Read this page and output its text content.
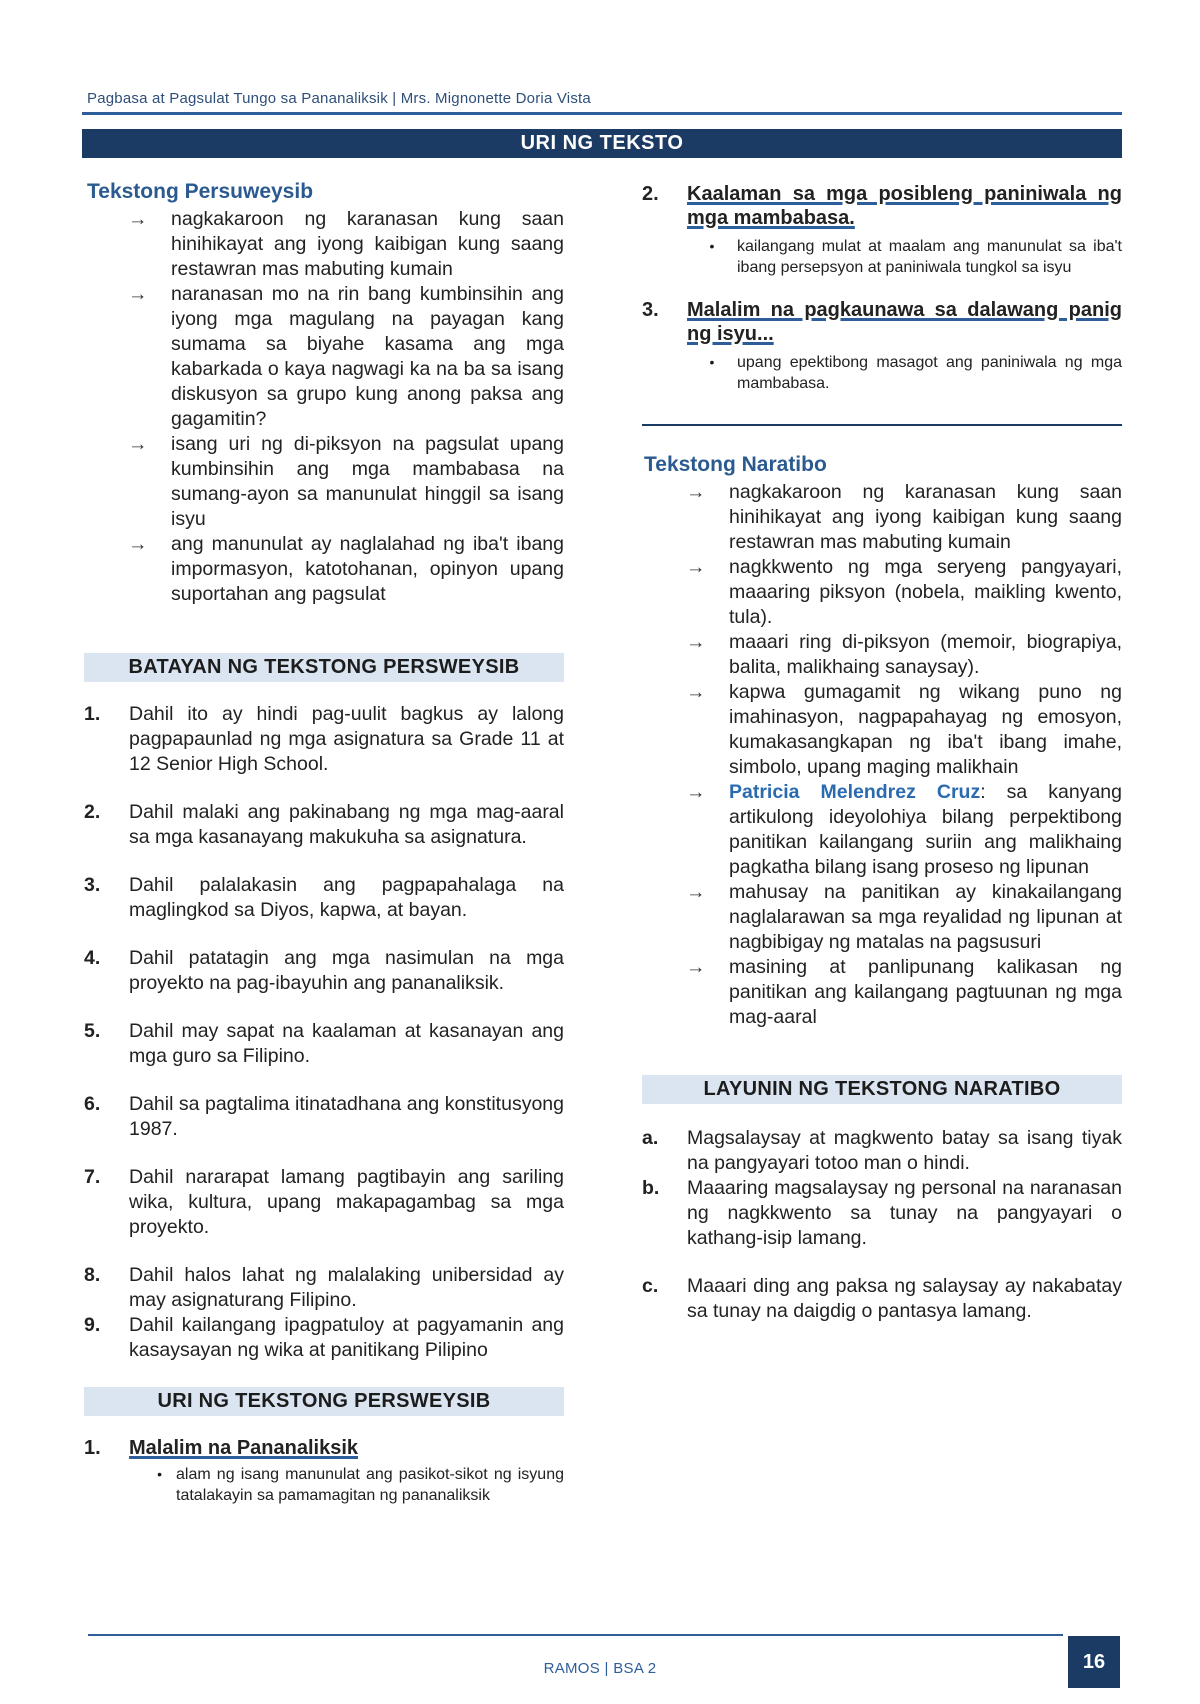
Pagbasa at Pagsulat Tungo sa Pananaliksik | Mrs. Mignonette Doria Vista
URI NG TEKSTO
Tekstong Persuweysib
→	nagkakaroon ng karanasan kung saan hinihikayat ang iyong kaibigan kung saang restawran mas mabuting kumain
→	naranasan mo na rin bang kumbinsihin ang iyong mga magulang na payagan kang sumama sa biyahe kasama ang mga kabarkada o kaya nagwagi ka na ba sa isang diskusyon sa grupo kung anong paksa ang gagamitin?
→	isang uri ng di-piksyon na pagsulat upang kumbinsihin ang mga mambabasa na sumang-ayon sa manunulat hinggil sa isang isyu
→	ang manunulat ay naglalahad ng iba't ibang impormasyon, katotohanan, opinyon upang suportahan ang pagsulat
BATAYAN NG TEKSTONG PERSWEYSIB
1.	Dahil ito ay hindi pag-uulit bagkus ay lalong pagpapaunlad ng mga asignatura sa Grade 11 at 12 Senior High School.
2.	Dahil malaki ang pakinabang ng mga mag-aaral sa mga kasanayang makukuha sa asignatura.
3.	Dahil palalakasin ang pagpapahalaga na maglingkod sa Diyos, kapwa, at bayan.
4.	Dahil patatagin ang mga nasimulan na mga proyekto na pag-ibayuhin ang pananaliksik.
5.	Dahil may sapat na kaalaman at kasanayan ang mga guro sa Filipino.
6.	Dahil sa pagtalima itinatadhana ang konstitusyong 1987.
7.	Dahil nararapat lamang pagtibayin ang sariling wika, kultura, upang makapagambag sa mga proyekto.
8.	Dahil halos lahat ng malalaking unibersidad ay may asignaturang Filipino.
9.	Dahil kailangang ipagpatuloy at pagyamanin ang kasaysayan ng wika at panitikang Pilipino
URI NG TEKSTONG PERSWEYSIB
1.	Malalim na Pananaliksik
• alam ng isang manunulat ang pasikot-sikot ng isyung tatalakayin sa pamamagitan ng pananaliksik
2.	Kaalaman sa mga posibleng paniniwala ng mga mambabasa.
•	kailangang mulat at maalam ang manunulat sa iba't ibang persepsyon at paniniwala tungkol sa isyu
3.	Malalim na pagkaunawa sa dalawang panig ng isyu...
•	upang epektibong masagot ang paniniwala ng mga mambabasa.
Tekstong Naratibo
→	nagkakaroon ng karanasan kung saan hinihikayat ang iyong kaibigan kung saang restawran mas mabuting kumain
→	nagkkwento ng mga seryeng pangyayari, maaaring piksyon (nobela, maikling kwento, tula).
→	maaari ring di-piksyon (memoir, biograpiya, balita, malikhaing sanaysay).
→	kapwa gumagamit ng wikang puno ng imahinasyon, nagpapahayag ng emosyon, kumakasangkapan ng iba't ibang imahe, simbolo, upang maging malikhain
→	Patricia Melendrez Cruz: sa kanyang artikulong ideyolohiya bilang perpektibong panitikan kailangang suriin ang malikhaing pagkatha bilang isang proseso ng lipunan
→	mahusay na panitikan ay kinakailangang naglalarawan sa mga reyalidad ng lipunan at nagbibigay ng matalas na pagsusuri
→	masining at panlipunang kalikasan ng panitikan ang kailangang pagtuunan ng mga mag-aaral
LAYUNIN NG TEKSTONG NARATIBO
a.	Magsalaysay at magkwento batay sa isang tiyak na pangyayari totoo man o hindi.
b.	Maaaring magsalaysay ng personal na naranasan ng nagkkwento sa tunay na pangyayari o kathang-isip lamang.
c.	Maaari ding ang paksa ng salaysay ay nakabatay sa tunay na daigdig o pantasya lamang.
RAMOS | BSA 2	16
